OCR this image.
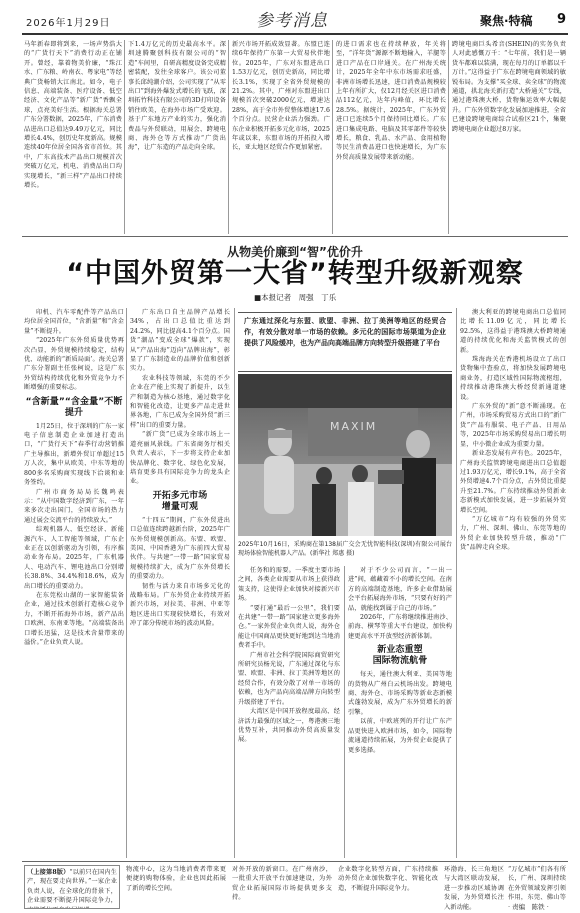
2026年1月29日	参考消息	聚焦·特稿 9
马年新春即将到来，一场声势浩大的“广货行天下”消费行动正在铺开。曾经，靠着物美价廉，“珠江水、广东粮、岭南衣、粤家电”等经典广货畅销大江南北。如今，电子信息、高端装备、医疗设备、低空经济、文化产品等“新广货”香飘全球，点亮美好生活。根据海关总署广东分署数据，2025年，广东消费品进出口总值达9.49万亿元，同比增长4.4%，创历史年度新高。规模连续40年位居全国各省市首位。其中，广东高技术产品出口规模首次突破万亿元，机电、消费品出口均实现增长，“新三样”产品出口持续增长。
下1.4万亿元的历史最高水平。深圳速腾聚创科技有限公司的“智造”车间里，自研高精度设备完成精密装配，发往全球客户。该公司董事长邱纯潮介绍，公司实现了“从零出口”到海外爆发式增长的飞跃，深圳拓竹科技有限公司的3D打印设备销往欧美，在海外市场广受欢迎。基于广东地方产业的实力，强化消费品与外贸联动，用展会、跨境电商、海外仓等方式推动“广货出海”，让广东造的产品走向全球。
新兴市场开拓成效显著。东盟已连续6年保持广东第一大贸易伙伴地位。2025年，广东对东盟进出口1.53万亿元，创历史新高，同比增长3.1%，实现了全省外贸规模的21.2%。其中，广州对东盟进出口规模首次突破2000亿元，增速达28%，高于全市外贸整体增速17.6个百分点。民营企业活力强劲。广东企业积极开拓多元化市场，2025年或以来，东盟市场的开拓投入增长，亚太地区经贸合作更加紧密。
的进口需求也在持续释放，年关将至，“洋年货”源源不断地输入，羊腿等进口产品在口岸通关。在广州海关统计，2025年全年中东市场需求旺盛，非洲市场增长迅速，进口消费品规模较上年有所扩大，仅12月经关区进口消费品112亿元，达年内峰值，环比增长28.5%。据统计，2025年，广东外贸进口已连续5个月保持同比增长。广东进口集成电路、电脑及其零部件等较快增长，粮食、乳品、水产品、食用植物等民生消费品进口也快速增长，为广东外贸高质量发展带来新动能。
跨境电商巨头希音(SHEIN)的实务负责人对此感慨万千：“七年前，我们是一辆货车都难以装满，现在每月的订单都以千万计。”这得益于广东在跨境电商领域的敏锐布局。为支撑“买全球、卖全球”的物流通道，拱北海关新打造“大桥通关”专线，通过港珠澳大桥，货物集运效率大幅提升。广东外贸数字化发展加速推进，全省已建设跨境电商综合试验区21个，集聚跨境电商企业超过8万家。
从物美价廉到“智”优价升
“中国外贸第一大省”转型升级新观察
■本报记者　周强　丁乐

印机、汽车零配件等产品出口均位居全国首位，“含新量”和“含金量”不断提升。

“2025年广东外贸质量优势再次凸显，外贸规模持续稳定，结构优、动能新的“新质局面’。海关总署广东分署副主任张柯说，这是广东外贸结构持续优化和外贸竞争力不断增强的重要标志。

“含新量”“含金量”不断提升

1月25日，位于深圳的广东一家电子信息制造企业加速打造出口，“广货行天下”春季行动营销推广主导推出，新增外贸订单超过15万人次，集中从欧美、中东等地的800多名采购商实现线下洽谈和业务签约。

广州市商务局局长魏鸣表示：“从中国数字经济到广东，一年来多次走出国门，全国市场的热力通过展会交流平台的持续放大。”

综观机器人、低空经济、新能源汽车、人工智能等领域，广东企业正在以创新驱动为引领，有序推动业务布局。2025年，广东机器人、电动汽车、锂电池出口分别增长38.8%、34.4%和18.6%，成为出口增长的重要动力。

在东莞松山湖的一家智能装备企业，通过技术创新打造核心竞争力，不断开拓海外市场，新产品出口欧洲、东南亚等地。“高端装备出口增长迅猛，这是技术含量带来的溢价。”企业负责人说。

广东出口自主品牌产品增长34%，占出口总值比重达到24.2%，同比提高4.1个百分点。国货“潮品”变成全球“爆款”，实现从“产品出海”迈向“品牌出海”，彰显了广东制造业的品牌价值和创新实力。

农业科技等领域，东莞的不少企业在产能上实现了新提升，以生产和制造为核心基地，通过数字化和智能化改造，让更多产品走进世界各地，广东已成为全国外贸“新三样”出口的重要力量。

“新广货”已成为全球市场上一道亮丽风景线。广东省商务厅相关负责人表示，下一步将支持企业加快品牌化、数字化、绿色化发展，培育更多具有国际竞争力的龙头企业。

开拓多元市场
增量可观

“十四五”期间，广东外贸进出口总值连续跨越新台阶，2025年广东外贸规模创新高。东盟、欧盟、美国、中国香港为广东前四大贸易伙伴。与共建“一带一路”国家贸易规模持续扩大，成为广东外贸增长的重要动力。

韧性与活力来自市场多元化的战略布局。广东外贸企业持续开拓新兴市场，对拉美、非洲、中亚等地区进出口实现较快增长，有效对冲了部分传统市场的波动风险。

广东通过深化与东盟、欧盟、非洲、拉丁美洲等地区的经贸合作，有效分散对单一市场的依赖。多元化的国际市场渠道为企业提供了风险缓冲，也为产品向高端品牌方向转型升级搭建了平台
MAXIM
2025年10月16日，采购商在第138届广交会无忧智能科技(深圳)有限公司展台现场体验智能机器人产品。(新华社 郑惠 摄)

任务和的需要。一季度主要市场之间，各类企业需要从市场上获得政策支持，这使得企业加快对接新兴市场。

“要打通“最后一公里”，我们要在共建“一带一路”国家建立更多海外仓。”一家外贸企业负责人说，海外仓能让中国商品更快更好地到达当地消费者手中。

广州市社会科学院国际商贸研究所研究员杨光说，广东通过深化与东盟、欧盟、非洲、拉丁美洲等地区的经贸合作，有效分散了对单一市场的依赖，也为产品向高端品牌方向转型升级搭建了平台。

大湾区是中国开放程度最高、经济活力最强的区域之一，粤港澳三地优势互补，共同推动外贸高质量发展。

对于不少公司而言，“一出一进”间，蕴藏着不小的增长空间。在南方的高端制造基地，许多企业借助展会平台拓展海外市场，“只要有好的产品，就能找到属于自己的市场。”

2026年，广东将继续推进南沙、前海、横琴等重大平台建设，加快构建更高水平开放型经济新体制。

新业态重塑
国际物流航骨

每天，通往澳大利亚、美国等地的货物从广州白云机场出发。跨境电商、海外仓、市场采购等新业态新模式蓬勃发展，成为广东外贸增长的新引擎。

以前，中欧班列的开行让广东产品更快进入欧洲市场，如今，国际物流通道持续拓展，为外贸企业提供了更多选择。

澳大利亚的跨境电商出口总值同比增长11.09亿元，同比增长92.5%，这得益于港珠澳大桥跨境通道的持续优化和海关监管模式的创新。

珠海海关在香港机场设立了出口货物集中查验点，将加快发展跨境电商业务，打造区域性国际物流枢纽，持续推动港珠澳大桥经贸新通道建设。

广东外贸的“新”意不断涌现。在广州，市场采购贸易方式出口的“新广货”产品有服装、电子产品、日用品等，2025年市场采购贸易出口增长明显，中小微企业成为重要力量。

新业态发展有声有色。2025年，广州海关监管跨境电商进出口总值超过1.93万亿元，增长9.1%，高于全省外贸增速4.7个百分点，占外贸比重提升至21.7%。广东持续推动外贸新业态新模式加快发展，进一步拓展外贸增长空间。

“万亿城市”均有较强的外贸实力，广州、深圳、佛山、东莞等地的外贸企业加快转型升级，推动“广货”品牌走向全球。

（上接第8版）“以前只在国内生产，现在要走向世界。”一家企业负责人说，在全球化的背景下，企业需要不断提升国际竞争力，
物流中心，这为当地消费者带来更便捷的购物体验，企业也因此拓展了新的增长空间。
对外开放的新窗口。在广州南沙，一批重大开放平台加速建设，为外贸企业拓展国际市场提供更多支持。
企业数字化转型方面，广东持续推动外贸企业加快数字化、智能化改造，不断提升国际竞争力。
环渤海、长三角地区与大湾区联动发展，进一步推动区域协调发展，为外贸增长注入新动能。
“万亿城市”们各有所长，广州、深圳持续在外贸领域发挥引领作用，东莞、佛山等
· 责编　陈铁 ·
